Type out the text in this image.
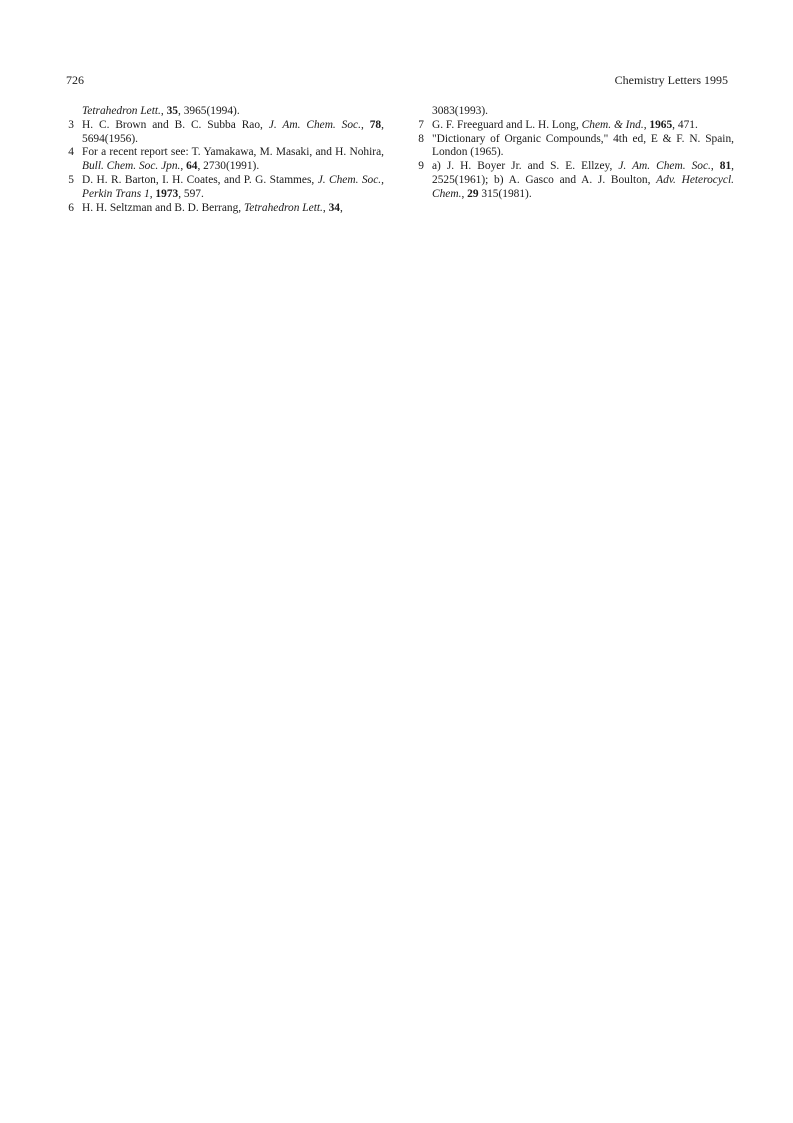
726	Chemistry Letters 1995
Tetrahedron Lett., 35, 3965(1994).
3 H. C. Brown and B. C. Subba Rao, J. Am. Chem. Soc., 78, 5694(1956).
4 For a recent report see: T. Yamakawa, M. Masaki, and H. Nohira, Bull. Chem. Soc. Jpn., 64, 2730(1991).
5 D. H. R. Barton, I. H. Coates, and P. G. Stammes, J. Chem. Soc., Perkin Trans 1, 1973, 597.
6 H. H. Seltzman and B. D. Berrang, Tetrahedron Lett., 34,
3083(1993).
7 G. F. Freeguard and L. H. Long, Chem. & Ind., 1965, 471.
8 "Dictionary of Organic Compounds," 4th ed, E & F. N. Spain, London (1965).
9 a) J. H. Boyer Jr. and S. E. Ellzey, J. Am. Chem. Soc., 81, 2525(1961); b) A. Gasco and A. J. Boulton, Adv. Heterocycl. Chem., 29 315(1981).
